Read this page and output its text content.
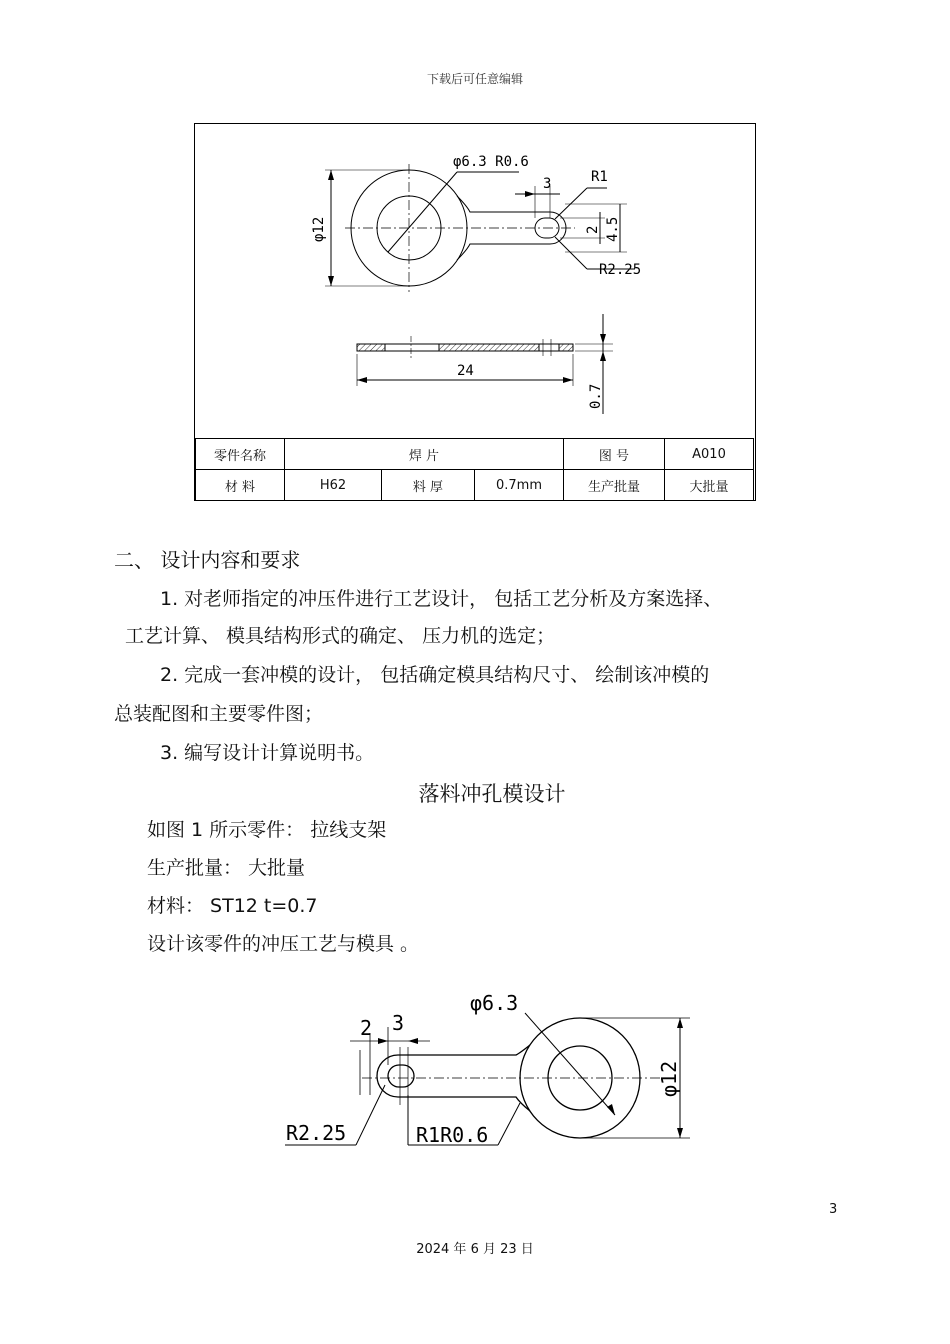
下载后可任意编辑
φ6.3 R0.6
3	R1
φ12	2 4.5
R2.25
24
0.7
零件名称	焊 片			图 号	A010
材 料	H62	料 厚	0.7mm	生产批量	大批量
二、 设计内容和要求
1. 对老师指定的冲压件进行工艺设计， 包括工艺分析及方案选择、
工艺计算、 模具结构形式的确定、 压力机的选定；
2. 完成一套冲模的设计， 包括确定模具结构尺寸、 绘制该冲模的
总装配图和主要零件图；
3. 编写设计计算说明书。
落料冲孔模设计
如图 1 所示零件： 拉线支架
生产批量： 大批量
材料： ST12 t=0.7
设计该零件的冲压工艺与模具 。
φ6.3
2 3
φ12
R2.25	R1R0.6
3
2024 年 6 月 23 日
